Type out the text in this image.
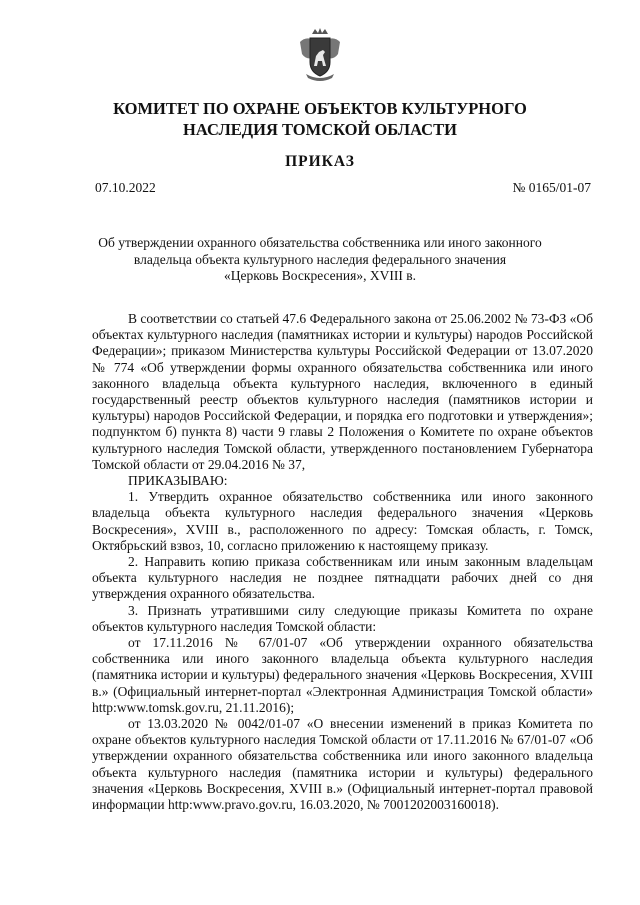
КОМИТЕТ ПО ОХРАНЕ ОБЪЕКТОВ КУЛЬТУРНОГО
НАСЛЕДИЯ ТОМСКОЙ ОБЛАСТИ
ПРИКАЗ
07.10.2022	№ 0165/01-07
Об утверждении охранного обязательства собственника или иного законного
владельца объекта культурного наследия федерального значения
«Церковь Воскресения», XVIII в.

В соответствии со статьей 47.6 Федерального закона от 25.06.2002 № 73-ФЗ «Об объектах культурного наследия (памятниках истории и культуры) народов Российской Федерации»; приказом Министерства культуры Российской Федерации от 13.07.2020 № 774 «Об утверждении формы охранного обязательства собственника или иного законного владельца объекта культурного наследия, включенного в единый государственный реестр объектов культурного наследия (памятников истории и культуры) народов Российской Федерации, и порядка его подготовки и утверждения»; подпунктом б) пункта 8) части 9 главы 2 Положения о Комитете по охране объектов культурного наследия Томской области, утвержденного постановлением Губернатора Томской области от 29.04.2016 № 37,

ПРИКАЗЫВАЮ:

1. Утвердить охранное обязательство собственника или иного законного владельца объекта культурного наследия федерального значения «Церковь Воскресения», XVIII в., расположенного по адресу: Томская область, г. Томск, Октябрьский взвоз, 10, согласно приложению к настоящему приказу.

2. Направить копию приказа собственникам или иным законным владельцам объекта культурного наследия не позднее пятнадцати рабочих дней со дня утверждения охранного обязательства.

3. Признать утратившими силу следующие приказы Комитета по охране объектов культурного наследия Томской области:

от 17.11.2016 № 67/01-07 «Об утверждении охранного обязательства собственника или иного законного владельца объекта культурного наследия (памятника истории и культуры) федерального значения «Церковь Воскресения, XVIII в.» (Официальный интернет-портал «Электронная Администрация Томской области» http:www.tomsk.gov.ru, 21.11.2016);

от 13.03.2020 № 0042/01-07 «О внесении изменений в приказ Комитета по охране объектов культурного наследия Томской области от 17.11.2016 № 67/01-07 «Об утверждении охранного обязательства собственника или иного законного владельца объекта культурного наследия (памятника истории и культуры) федерального значения «Церковь Воскресения, XVIII в.» (Официальный интернет-портал правовой информации http:www.pravo.gov.ru, 16.03.2020, № 7001202003160018).
